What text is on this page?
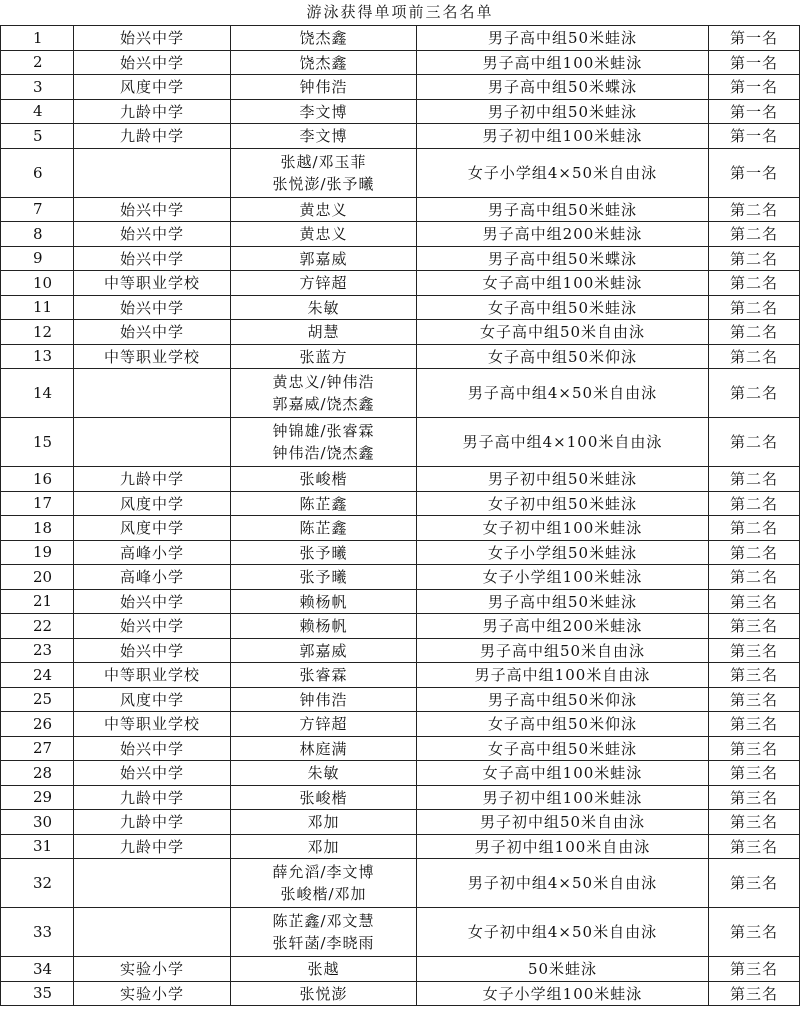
游泳获得单项前三名名单
1	始兴中学	饶杰鑫	男子高中组50米蛙泳	第一名
2	始兴中学	饶杰鑫	男子高中组100米蛙泳	第一名
3	风度中学	钟伟浩	男子高中组50米蝶泳	第一名
4	九龄中学	李文博	男子初中组50米蛙泳	第一名
5	九龄中学	李文博	男子初中组100米蛙泳	第一名
6		张越/邓玉菲
张悦澎/张予曦	女子小学组4×50米自由泳	第一名
7	始兴中学	黄忠义	男子高中组50米蛙泳	第二名
8	始兴中学	黄忠义	男子高中组200米蛙泳	第二名
9	始兴中学	郭嘉威	男子高中组50米蝶泳	第二名
10	中等职业学校	方锌超	女子高中组100米蛙泳	第二名
11	始兴中学	朱敏	女子高中组50米蛙泳	第二名
12	始兴中学	胡慧	女子高中组50米自由泳	第二名
13	中等职业学校	张蓝方	女子高中组50米仰泳	第二名
14		黄忠义/钟伟浩
郭嘉威/饶杰鑫	男子高中组4×50米自由泳	第二名
15		钟锦雄/张睿霖
钟伟浩/饶杰鑫	男子高中组4×100米自由泳	第二名
16	九龄中学	张峻楷	男子初中组50米蛙泳	第二名
17	风度中学	陈芷鑫	女子初中组50米蛙泳	第二名
18	风度中学	陈芷鑫	女子初中组100米蛙泳	第二名
19	高峰小学	张予曦	女子小学组50米蛙泳	第二名
20	高峰小学	张予曦	女子小学组100米蛙泳	第二名
21	始兴中学	赖杨帆	男子高中组50米蛙泳	第三名
22	始兴中学	赖杨帆	男子高中组200米蛙泳	第三名
23	始兴中学	郭嘉威	男子高中组50米自由泳	第三名
24	中等职业学校	张睿霖	男子高中组100米自由泳	第三名
25	风度中学	钟伟浩	男子高中组50米仰泳	第三名
26	中等职业学校	方锌超	女子高中组50米仰泳	第三名
27	始兴中学	林庭满	女子高中组50米蛙泳	第三名
28	始兴中学	朱敏	女子高中组100米蛙泳	第三名
29	九龄中学	张峻楷	男子初中组100米蛙泳	第三名
30	九龄中学	邓加	男子初中组50米自由泳	第三名
31	九龄中学	邓加	男子初中组100米自由泳	第三名
32		薛允滔/李文博
张峻楷/邓加	男子初中组4×50米自由泳	第三名
33		陈芷鑫/邓文慧
张轩菡/李晓雨	女子初中组4×50米自由泳	第三名
34	实验小学	张越	50米蛙泳	第三名
35	实验小学	张悦澎	女子小学组100米蛙泳	第三名
